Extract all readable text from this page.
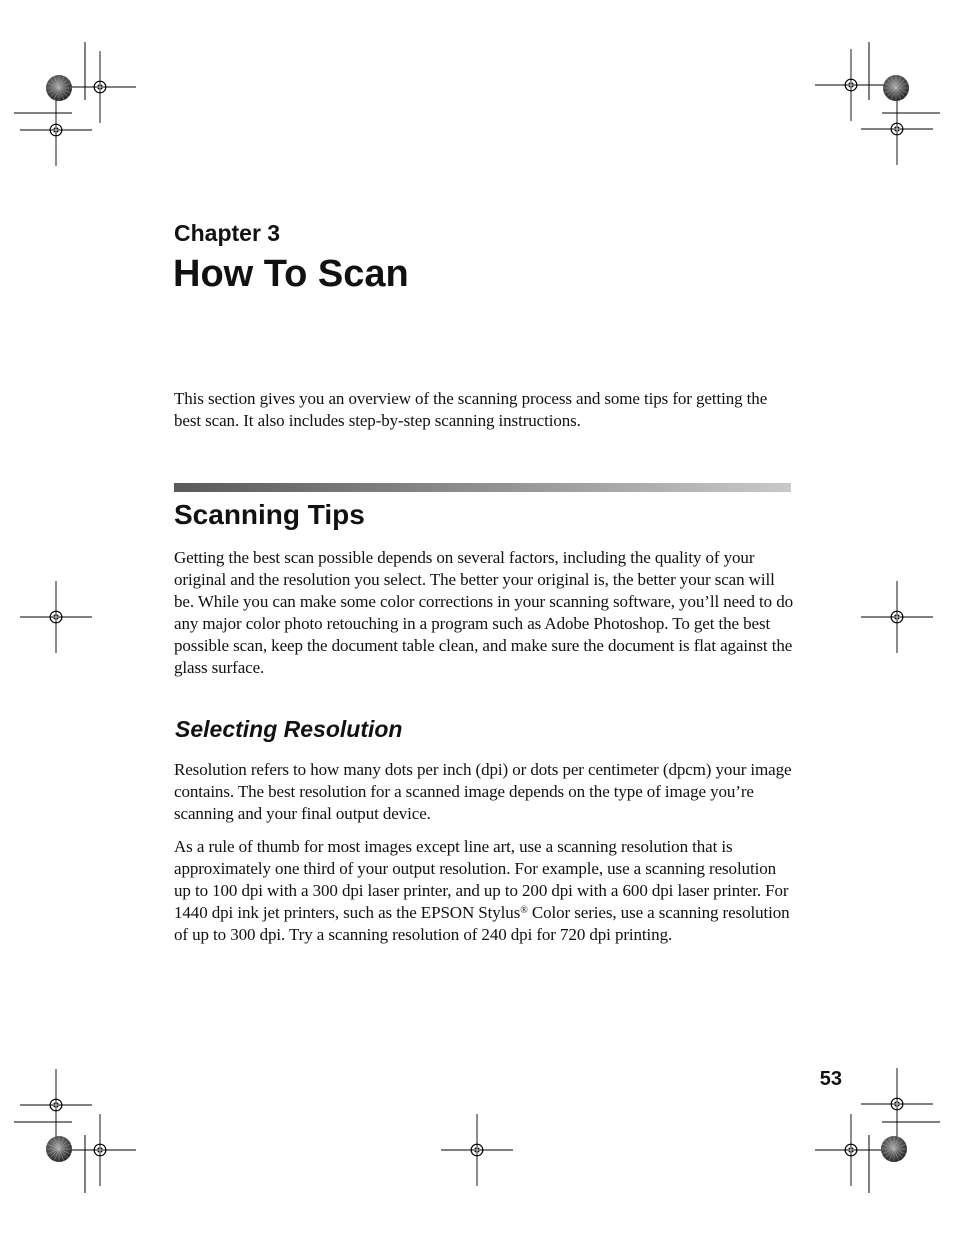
Chapter 3
How To Scan

This section gives you an overview of the scanning process and some tips for getting the best scan. It also includes step-by-step scanning instructions.

Scanning Tips

Getting the best scan possible depends on several factors, including the quality of your original and the resolution you select. The better your original is, the better your scan will be. While you can make some color corrections in your scanning software, you’ll need to do any major color photo retouching in a program such as Adobe Photoshop. To get the best possible scan, keep the document table clean, and make sure the document is flat against the glass surface.

Selecting Resolution

Resolution refers to how many dots per inch (dpi) or dots per centimeter (dpcm) your image contains. The best resolution for a scanned image depends on the type of image you’re scanning and your final output device.

As a rule of thumb for most images except line art, use a scanning resolution that is approximately one third of your output resolution. For example, use a scanning resolution up to 100 dpi with a 300 dpi laser printer, and up to 200 dpi with a 600 dpi laser printer. For 1440 dpi ink jet printers, such as the EPSON Stylus® Color series, use a scanning resolution of up to 300 dpi. Try a scanning resolution of 240 dpi for 720 dpi printing.

53
